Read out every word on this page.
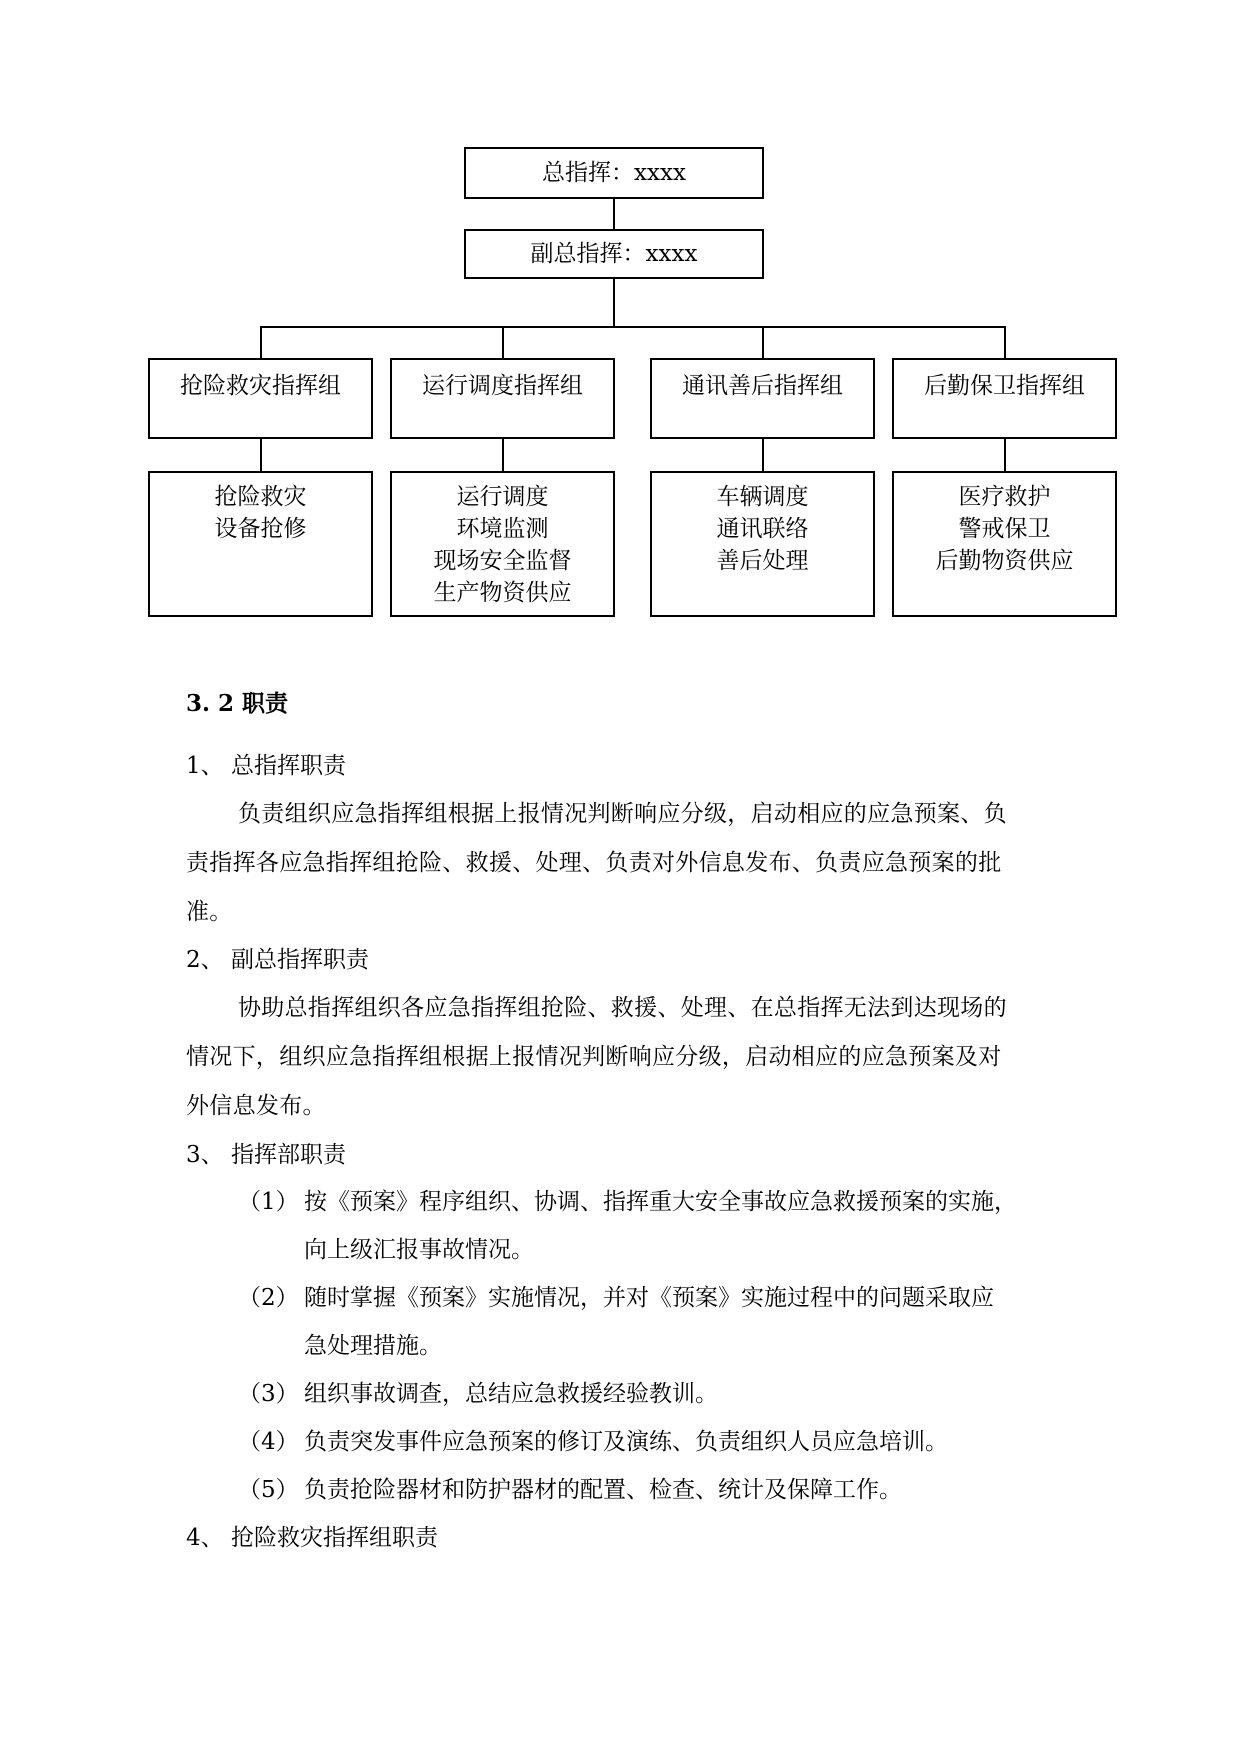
总指挥：xxxx
副总指挥：xxxx
抢险救灾指挥组	运行调度指挥组	通讯善后指挥组	后勤保卫指挥组
抢险救灾
设备抢修
运行调度
环境监测
现场安全监督
生产物资供应
车辆调度
通讯联络
善后处理
医疗救护
警戒保卫
后勤物资供应
3. 2 职责
1、 总指挥职责
负责组织应急指挥组根据上报情况判断响应分级，启动相应的应急预案、负
责指挥各应急指挥组抢险、救援、处理、负责对外信息发布、负责应急预案的批
准。
2、 副总指挥职责
协助总指挥组织各应急指挥组抢险、救援、处理、在总指挥无法到达现场的
情况下，组织应急指挥组根据上报情况判断响应分级，启动相应的应急预案及对
外信息发布。
3、 指挥部职责
（1） 按《预案》程序组织、协调、指挥重大安全事故应急救援预案的实施，
向上级汇报事故情况。
（2） 随时掌握《预案》实施情况，并对《预案》实施过程中的问题采取应
急处理措施。
（3） 组织事故调查，总结应急救援经验教训。
（4） 负责突发事件应急预案的修订及演练、负责组织人员应急培训。
（5） 负责抢险器材和防护器材的配置、检查、统计及保障工作。
4、 抢险救灾指挥组职责
